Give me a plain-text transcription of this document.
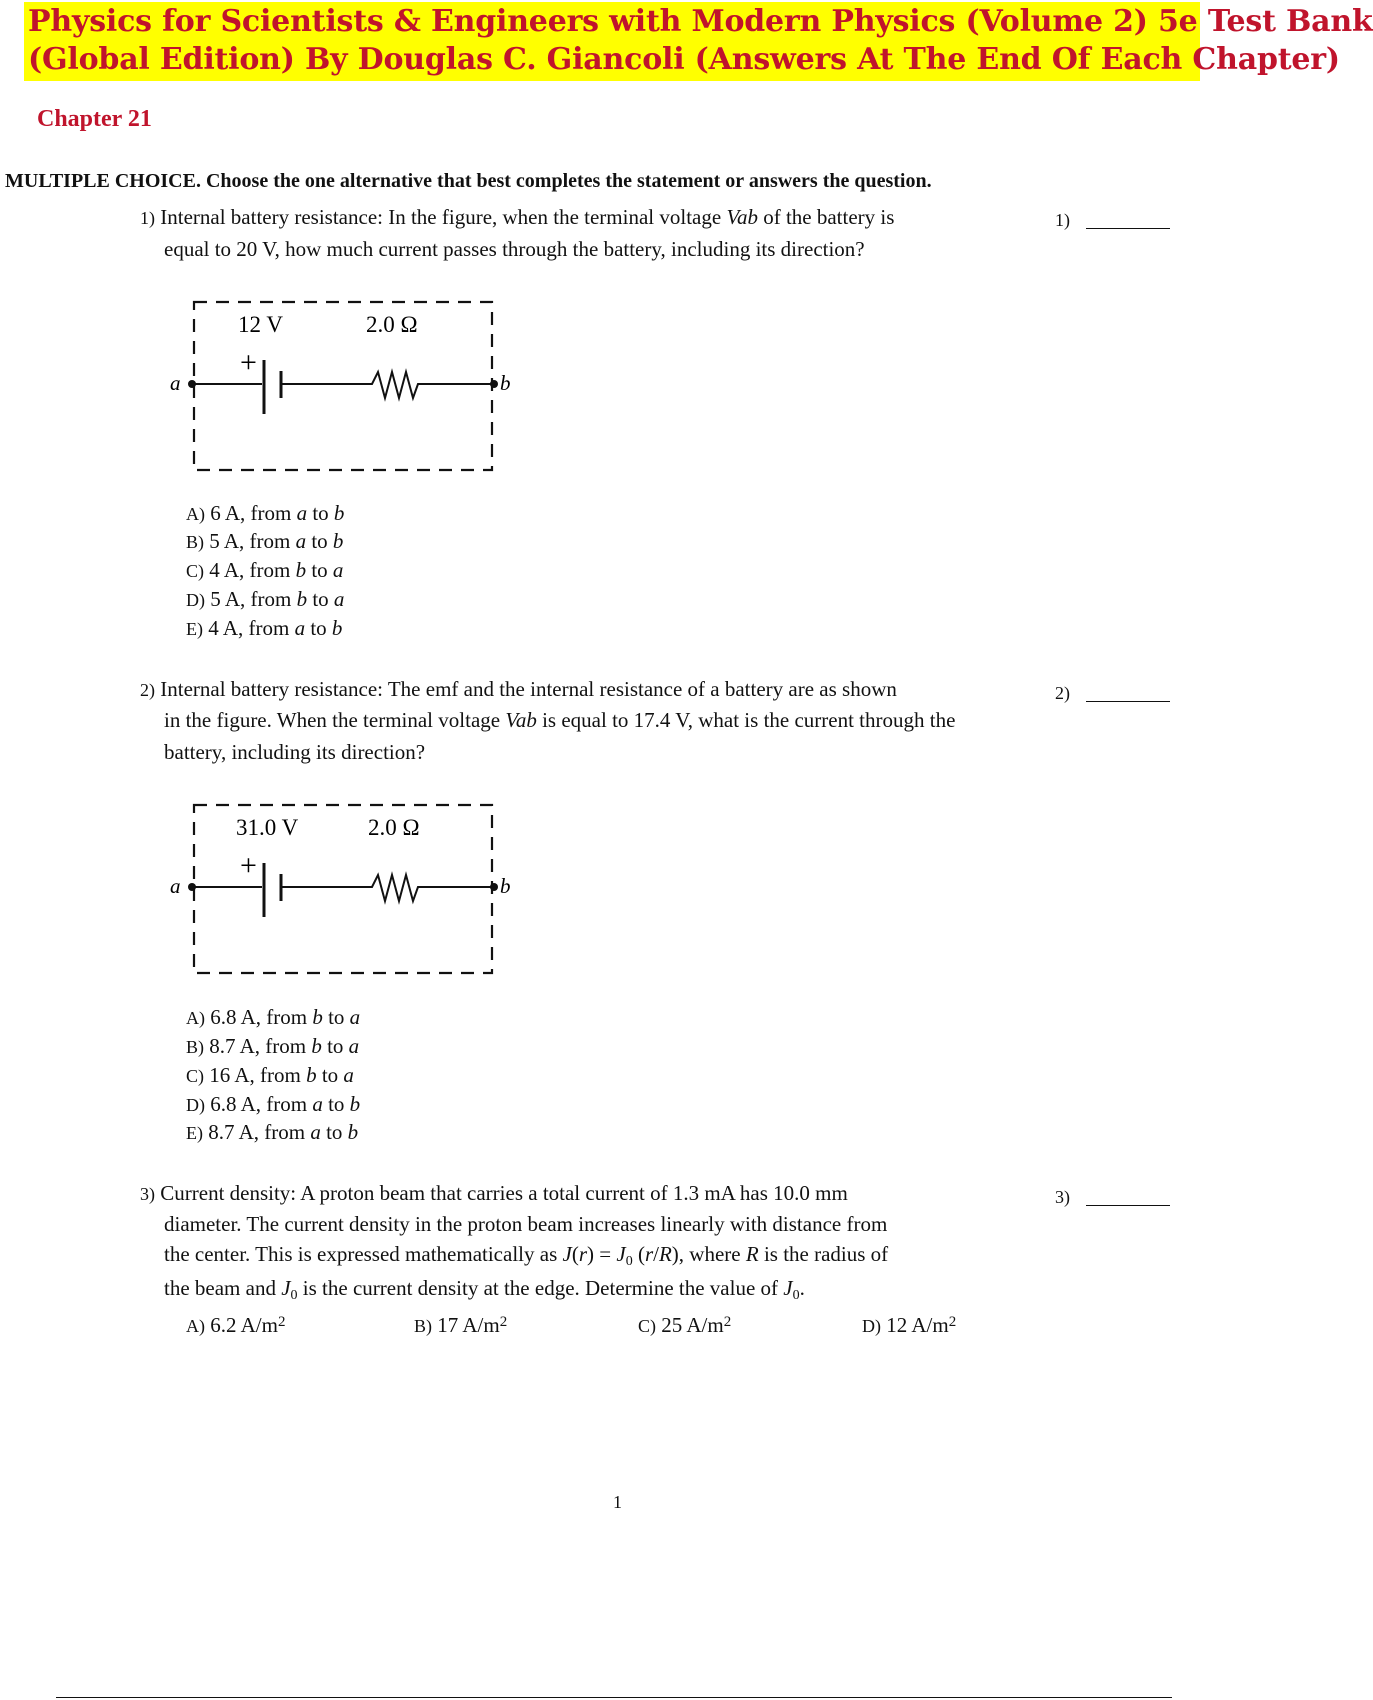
Physics for Scientists & Engineers with Modern Physics (Volume 2) 5e Test Bank
(Global Edition) By Douglas C. Giancoli (Answers At The End Of Each Chapter)
Chapter 21
MULTIPLE CHOICE. Choose the one alternative that best completes the statement or answers the question.
1) Internal battery resistance: In the figure, when the terminal voltage Vab of the battery is
equal to 20 V, how much current passes through the battery, including its direction?
1)
+
12 V	2.0 Ω
a	b
A) 6 A, from a to b
B) 5 A, from a to b
C) 4 A, from b to a
D) 5 A, from b to a
E) 4 A, from a to b
2) Internal battery resistance: The emf and the internal resistance of a battery are as shown
in the figure. When the terminal voltage Vab is equal to 17.4 V, what is the current through the
battery, including its direction?
2)
+
31.0 V	2.0 Ω
a	b
A) 6.8 A, from b to a
B) 8.7 A, from b to a
C) 16 A, from b to a
D) 6.8 A, from a to b
E) 8.7 A, from a to b
3) Current density: A proton beam that carries a total current of 1.3 mA has 10.0 mm
diameter. The current density in the proton beam increases linearly with distance from
the center. This is expressed mathematically as $J(r) = J_0$ (r/R), where R is the radius of
the beam and $J_0$ is the current density at the edge. Determine the value of $J_0$.
3)
A) 6.2 $A/m^2$	B) 17 $A/m^2$	C) 25 $A/m^2$	D) 12 $A/m^2$
1
